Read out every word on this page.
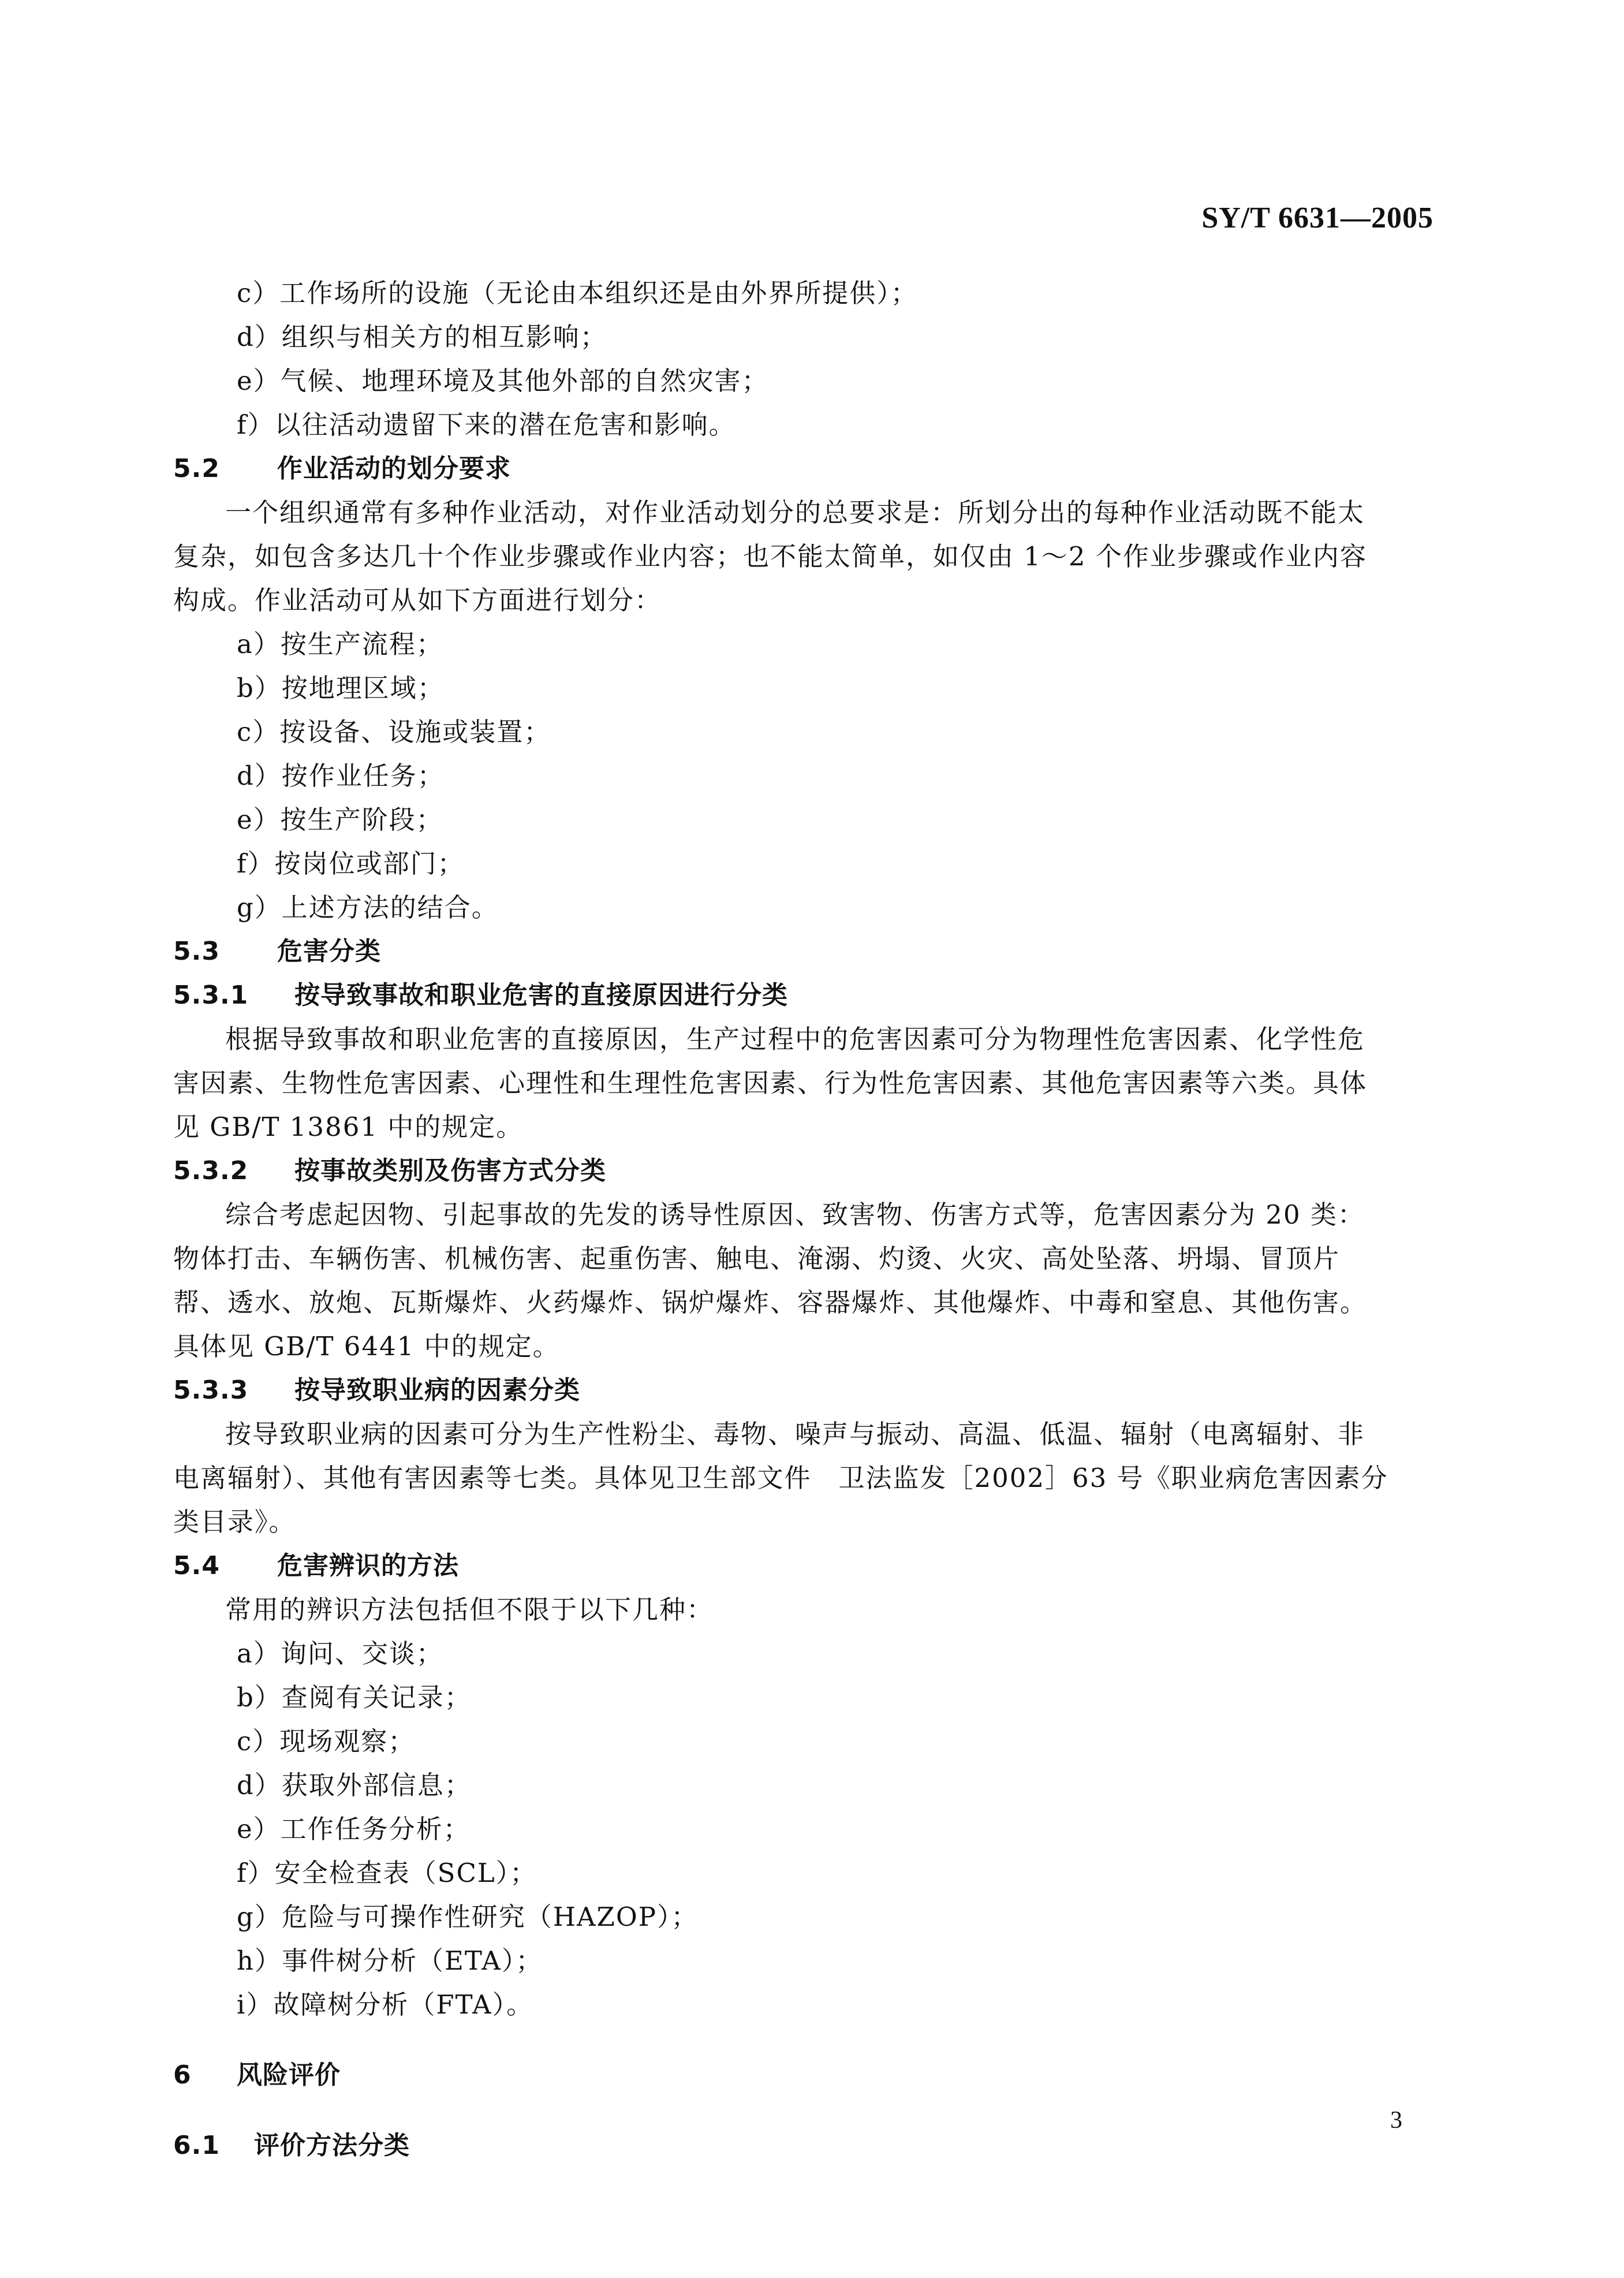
SY/T 6631—2005
c）工作场所的设施（无论由本组织还是由外界所提供）；
d）组织与相关方的相互影响；
e）气候、地理环境及其他外部的自然灾害；
f）以往活动遗留下来的潜在危害和影响。
5.2 作业活动的划分要求
一个组织通常有多种作业活动，对作业活动划分的总要求是：所划分出的每种作业活动既不能太
复杂，如包含多达几十个作业步骤或作业内容；也不能太简单，如仅由 1～2 个作业步骤或作业内容
构成。作业活动可从如下方面进行划分：
a）按生产流程；
b）按地理区域；
c）按设备、设施或装置；
d）按作业任务；
e）按生产阶段；
f）按岗位或部门；
g）上述方法的结合。
5.3 危害分类
5.3.1 按导致事故和职业危害的直接原因进行分类
根据导致事故和职业危害的直接原因，生产过程中的危害因素可分为物理性危害因素、化学性危
害因素、生物性危害因素、心理性和生理性危害因素、行为性危害因素、其他危害因素等六类。具体
见 GB/T 13861 中的规定。
5.3.2 按事故类别及伤害方式分类
综合考虑起因物、引起事故的先发的诱导性原因、致害物、伤害方式等，危害因素分为 20 类：
物体打击、车辆伤害、机械伤害、起重伤害、触电、淹溺、灼烫、火灾、高处坠落、坍塌、冒顶片
帮、透水、放炮、瓦斯爆炸、火药爆炸、锅炉爆炸、容器爆炸、其他爆炸、中毒和窒息、其他伤害。
具体见 GB/T 6441 中的规定。
5.3.3 按导致职业病的因素分类
按导致职业病的因素可分为生产性粉尘、毒物、噪声与振动、高温、低温、辐射（电离辐射、非
电离辐射）、其他有害因素等七类。具体见卫生部文件　卫法监发［2002］63 号《职业病危害因素分
类目录》。
5.4 危害辨识的方法
常用的辨识方法包括但不限于以下几种：
a）询问、交谈；
b）查阅有关记录；
c）现场观察；
d）获取外部信息；
e）工作任务分析；
f）安全检查表（SCL）；
g）危险与可操作性研究（HAZOP）；
h）事件树分析（ETA）；
i）故障树分析（FTA）。
6 风险评价
6.1 评价方法分类
3
